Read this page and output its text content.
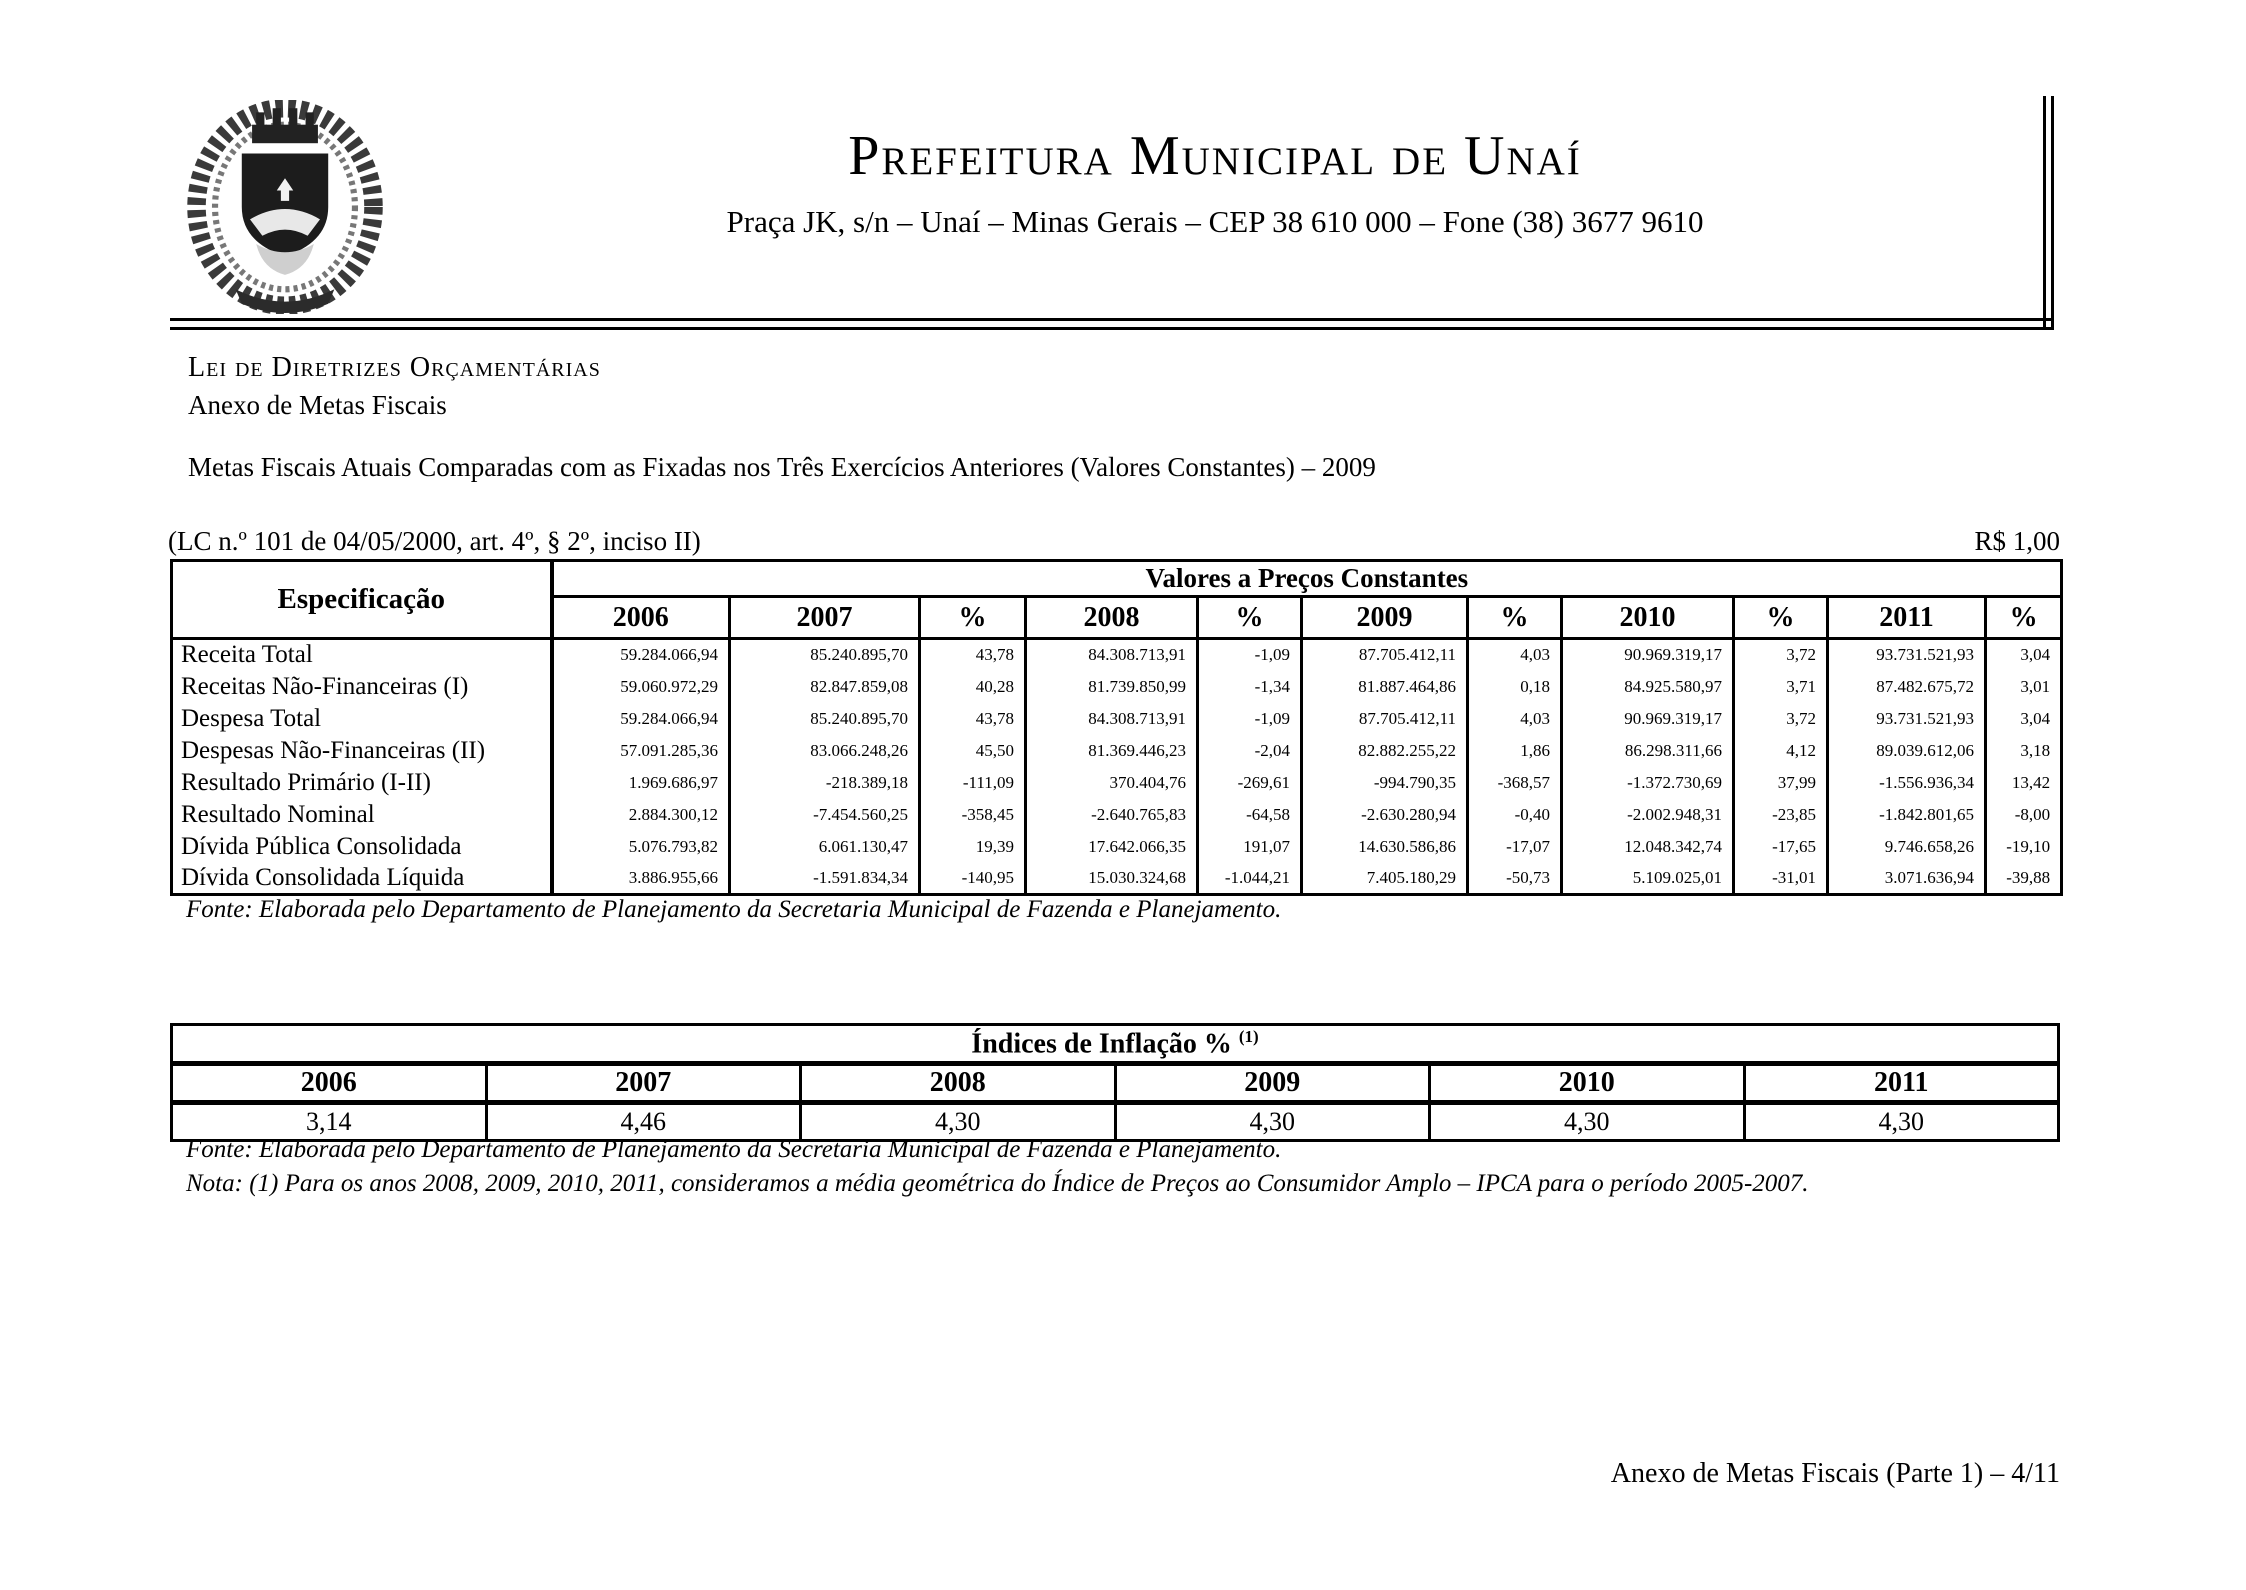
Prefeitura Municipal de Unaí
Praça JK, s/n – Unaí – Minas Gerais – CEP 38 610 000 – Fone (38) 3677 9610
Lei de Diretrizes Orçamentárias
Anexo de Metas Fiscais
Metas Fiscais Atuais Comparadas com as Fixadas nos Três Exercícios Anteriores (Valores Constantes) – 2009
(LC n.º 101 de 04/05/2000, art. 4º, § 2º, inciso II)	R$ 1,00
Especificação	Valores a Preços Constantes										
	2006	2007	%	2008	%	2009	%	2010	%	2011	%
Receita Total	59.284.066,94	85.240.895,70	43,78	84.308.713,91	-1,09	87.705.412,11	4,03	90.969.319,17	3,72	93.731.521,93	3,04
Receitas Não-Financeiras (I)	59.060.972,29	82.847.859,08	40,28	81.739.850,99	-1,34	81.887.464,86	0,18	84.925.580,97	3,71	87.482.675,72	3,01
Despesa Total	59.284.066,94	85.240.895,70	43,78	84.308.713,91	-1,09	87.705.412,11	4,03	90.969.319,17	3,72	93.731.521,93	3,04
Despesas Não-Financeiras (II)	57.091.285,36	83.066.248,26	45,50	81.369.446,23	-2,04	82.882.255,22	1,86	86.298.311,66	4,12	89.039.612,06	3,18
Resultado Primário (I-II)	1.969.686,97	-218.389,18	-111,09	370.404,76	-269,61	-994.790,35	-368,57	-1.372.730,69	37,99	-1.556.936,34	13,42
Resultado Nominal	2.884.300,12	-7.454.560,25	-358,45	-2.640.765,83	-64,58	-2.630.280,94	-0,40	-2.002.948,31	-23,85	-1.842.801,65	-8,00
Dívida Pública Consolidada	5.076.793,82	6.061.130,47	19,39	17.642.066,35	191,07	14.630.586,86	-17,07	12.048.342,74	-17,65	9.746.658,26	-19,10
Dívida Consolidada Líquida	3.886.955,66	-1.591.834,34	-140,95	15.030.324,68	-1.044,21	7.405.180,29	-50,73	5.109.025,01	-31,01	3.071.636,94	-39,88
Fonte: Elaborada pelo Departamento de Planejamento da Secretaria Municipal de Fazenda e Planejamento.
Índices de Inflação % $^{(1)}$
2006	2007	2008	2009	2010	2011
3,14	4,46	4,30	4,30	4,30	4,30
Fonte: Elaborada pelo Departamento de Planejamento da Secretaria Municipal de Fazenda e Planejamento.
Nota: (1) Para os anos 2008, 2009, 2010, 2011, consideramos a média geométrica do Índice de Preços ao Consumidor Amplo – IPCA para o período 2005-2007.
Anexo de Metas Fiscais (Parte 1) – 4/11
